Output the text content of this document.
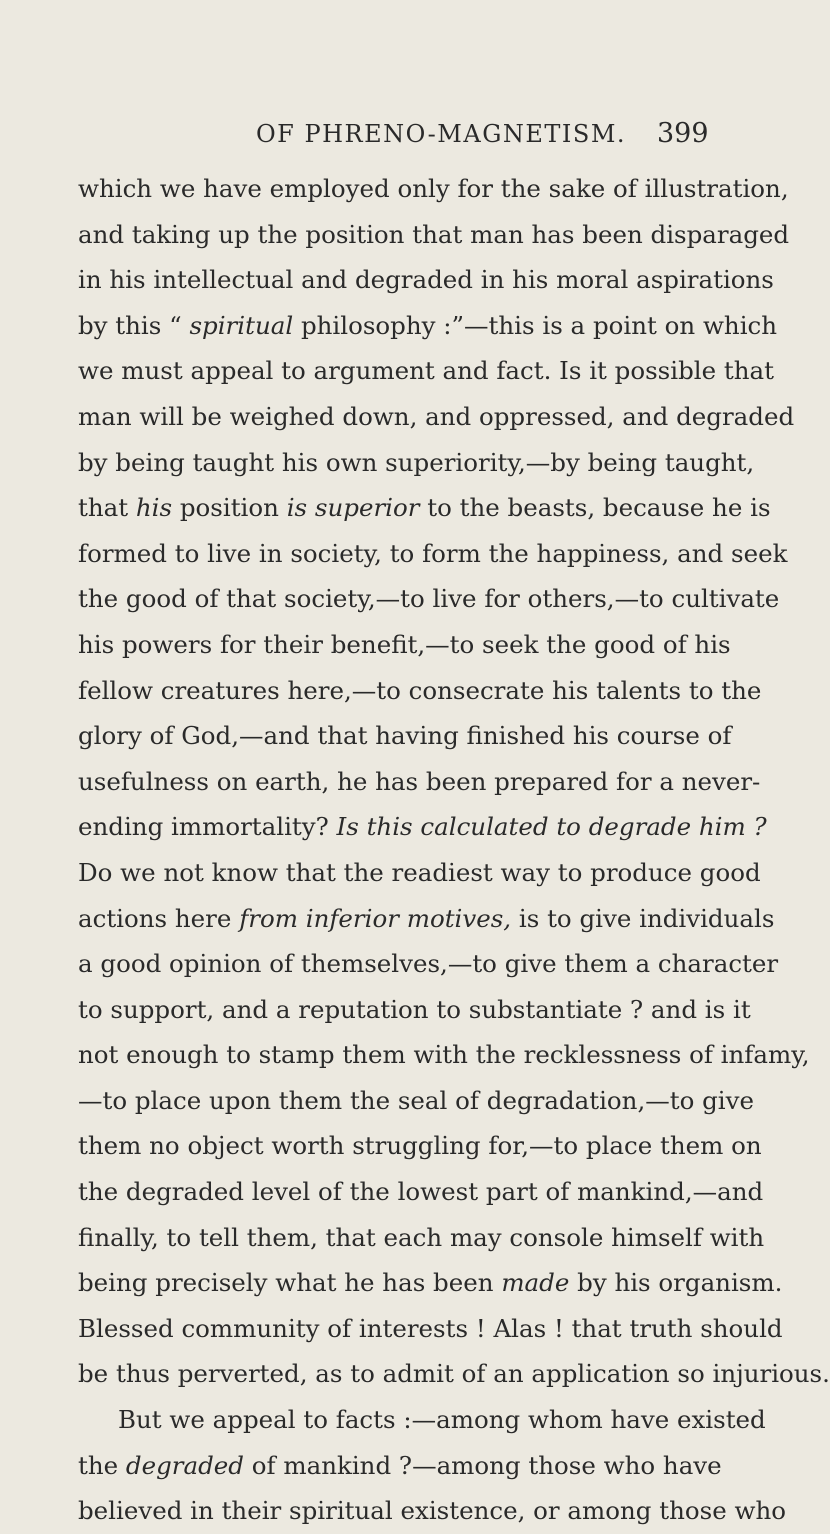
OF PHRENO-MAGNETISM. 399
which we have employed only for the sake of illustration,
and taking up the position that man has been disparaged
in his intellectual and degraded in his moral aspirations
by this “ spiritual philosophy :”—this is a point on which
we must appeal to argument and fact. Is it possible that
man will be weighed down, and oppressed, and degraded
by being taught his own superiority,—by being taught,
that his position is superior to the beasts, because he is
formed to live in society, to form the happiness, and seek
the good of that society,—to live for others,—to cultivate
his powers for their benefit,—to seek the good of his
fellow creatures here,—to consecrate his talents to the
glory of God,—and that having finished his course of
usefulness on earth, he has been prepared for a never-
ending immortality? Is this calculated to degrade him ?
Do we not know that the readiest way to produce good
actions here from inferior motives, is to give individuals
a good opinion of themselves,—to give them a character
to support, and a reputation to substantiate ? and is it
not enough to stamp them with the recklessness of infamy,
—to place upon them the seal of degradation,—to give
them no object worth struggling for,—to place them on
the degraded level of the lowest part of mankind,—and
finally, to tell them, that each may console himself with
being precisely what he has been made by his organism.
Blessed community of interests ! Alas ! that truth should
be thus perverted, as to admit of an application so injurious.
But we appeal to facts :—among whom have existed
the degraded of mankind ?—among those who have
believed in their spiritual existence, or among those who
